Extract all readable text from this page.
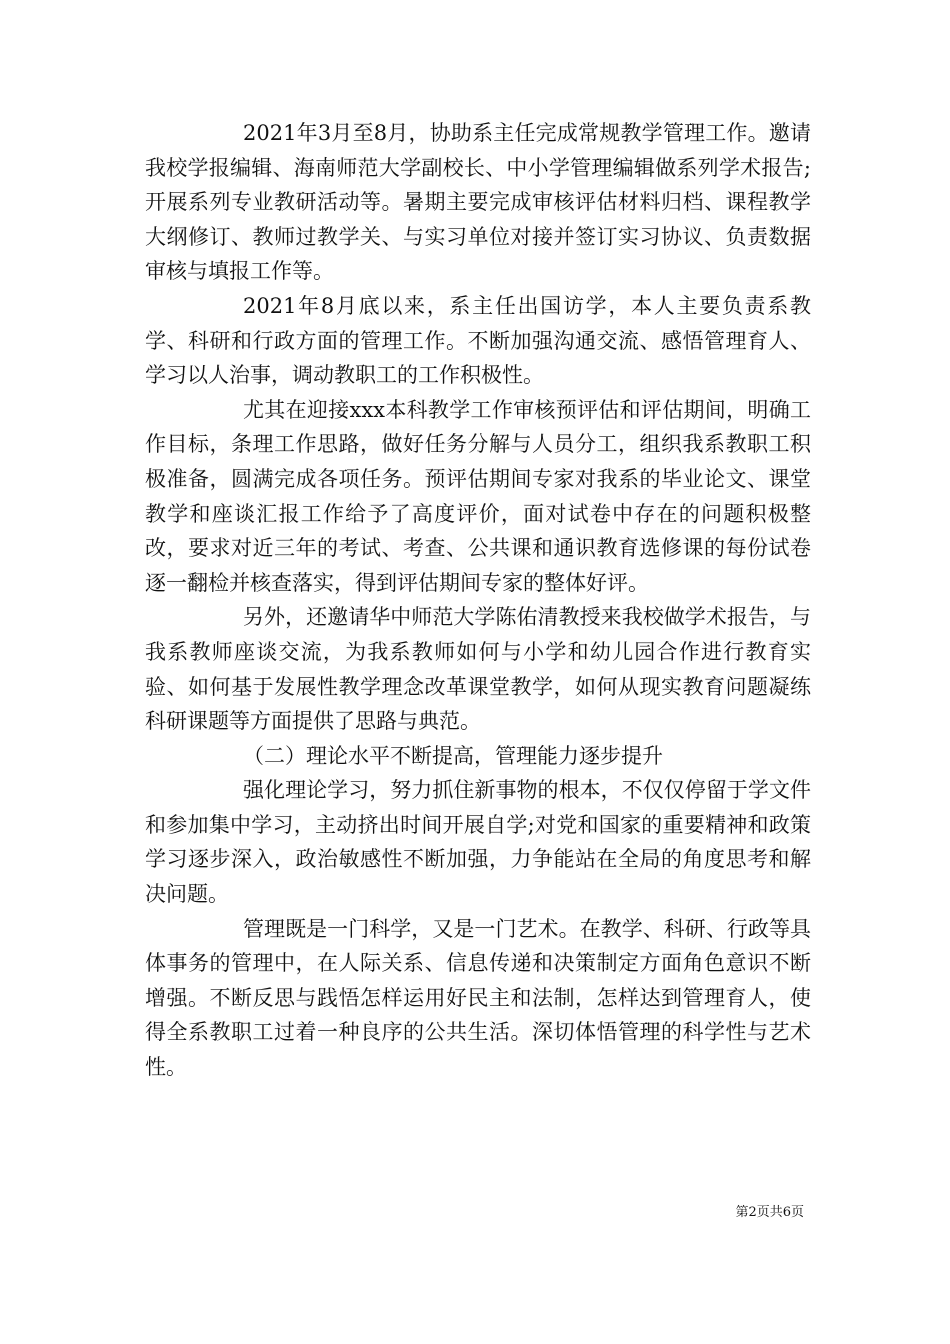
2021年3月至8月，协助系主任完成常规教学管理工作。邀请我校学报编辑、海南师范大学副校长、中小学管理编辑做系列学术报告;开展系列专业教研活动等。暑期主要完成审核评估材料归档、课程教学大纲修订、教师过教学关、与实习单位对接并签订实习协议、负责数据审核与填报工作等。

2021年8月底以来，系主任出国访学，本人主要负责系教学、科研和行政方面的管理工作。不断加强沟通交流、感悟管理育人、学习以人治事，调动教职工的工作积极性。

尤其在迎接xxx本科教学工作审核预评估和评估期间，明确工作目标，条理工作思路，做好任务分解与人员分工，组织我系教职工积极准备，圆满完成各项任务。预评估期间专家对我系的毕业论文、课堂教学和座谈汇报工作给予了高度评价，面对试卷中存在的问题积极整改，要求对近三年的考试、考查、公共课和通识教育选修课的每份试卷逐一翻检并核查落实，得到评估期间专家的整体好评。

另外，还邀请华中师范大学陈佑清教授来我校做学术报告，与我系教师座谈交流，为我系教师如何与小学和幼儿园合作进行教育实验、如何基于发展性教学理念改革课堂教学，如何从现实教育问题凝练科研课题等方面提供了思路与典范。

（二）理论水平不断提高，管理能力逐步提升

强化理论学习，努力抓住新事物的根本，不仅仅停留于学文件和参加集中学习，主动挤出时间开展自学;对党和国家的重要精神和政策学习逐步深入，政治敏感性不断加强，力争能站在全局的角度思考和解决问题。

管理既是一门科学，又是一门艺术。在教学、科研、行政等具体事务的管理中，在人际关系、信息传递和决策制定方面角色意识不断增强。不断反思与践悟怎样运用好民主和法制，怎样达到管理育人，使得全系教职工过着一种良序的公共生活。深切体悟管理的科学性与艺术性。

第2页共6页
